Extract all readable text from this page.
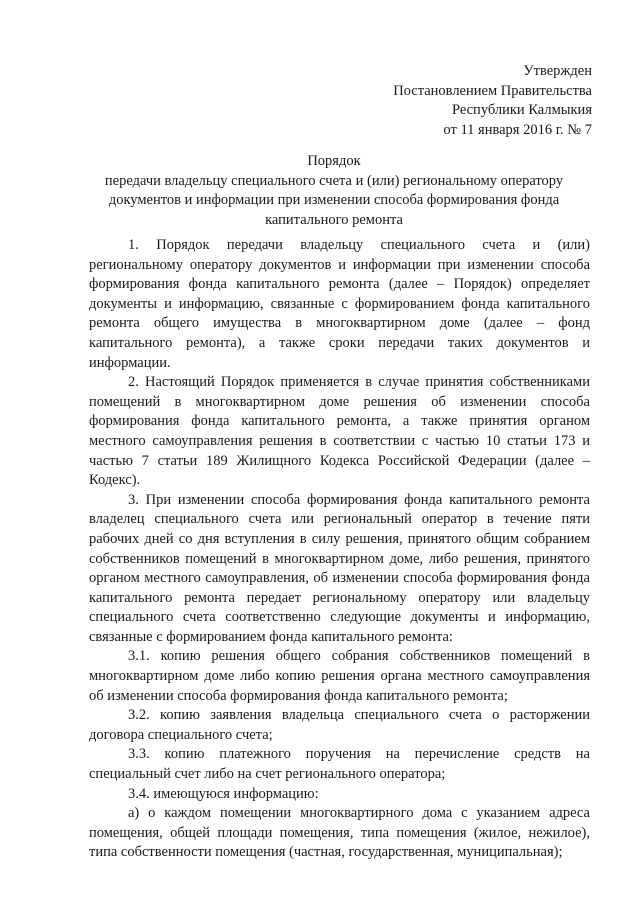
Утвержден
Постановлением Правительства
Республики Калмыкия
от 11 января 2016 г. № 7
Порядок
передачи владельцу специального счета и (или) региональному оператору
документов и информации при изменении способа формирования фонда
капитального ремонта

1. Порядок передачи владельцу специального счета и (или) региональному оператору документов и информации при изменении способа формирования фонда капитального ремонта (далее – Порядок) определяет документы и информацию, связанные с формированием фонда капитального ремонта общего имущества в многоквартирном доме (далее – фонд капитального ремонта), а также сроки передачи таких документов и информации.

2. Настоящий Порядок применяется в случае принятия собственниками помещений в многоквартирном доме решения об изменении способа формирования фонда капитального ремонта, а также принятия органом местного самоуправления решения в соответствии с частью 10 статьи 173 и частью 7 статьи 189 Жилищного Кодекса Российской Федерации (далее – Кодекс).

3. При изменении способа формирования фонда капитального ремонта владелец специального счета или региональный оператор в течение пяти рабочих дней со дня вступления в силу решения, принятого общим собранием собственников помещений в многоквартирном доме, либо решения, принятого органом местного самоуправления, об изменении способа формирования фонда капитального ремонта передает региональному оператору или владельцу специального счета соответственно следующие документы и информацию, связанные с формированием фонда капитального ремонта:

3.1. копию решения общего собрания собственников помещений в многоквартирном доме либо копию решения органа местного самоуправления об изменении способа формирования фонда капитального ремонта;

3.2. копию заявления владельца специального счета о расторжении договора специального счета;

3.3. копию платежного поручения на перечисление средств на специальный счет либо на счет регионального оператора;

3.4. имеющуюся информацию:

а) о каждом помещении многоквартирного дома с указанием адреса помещения, общей площади помещения, типа помещения (жилое, нежилое), типа собственности помещения (частная, государственная, муниципальная);
